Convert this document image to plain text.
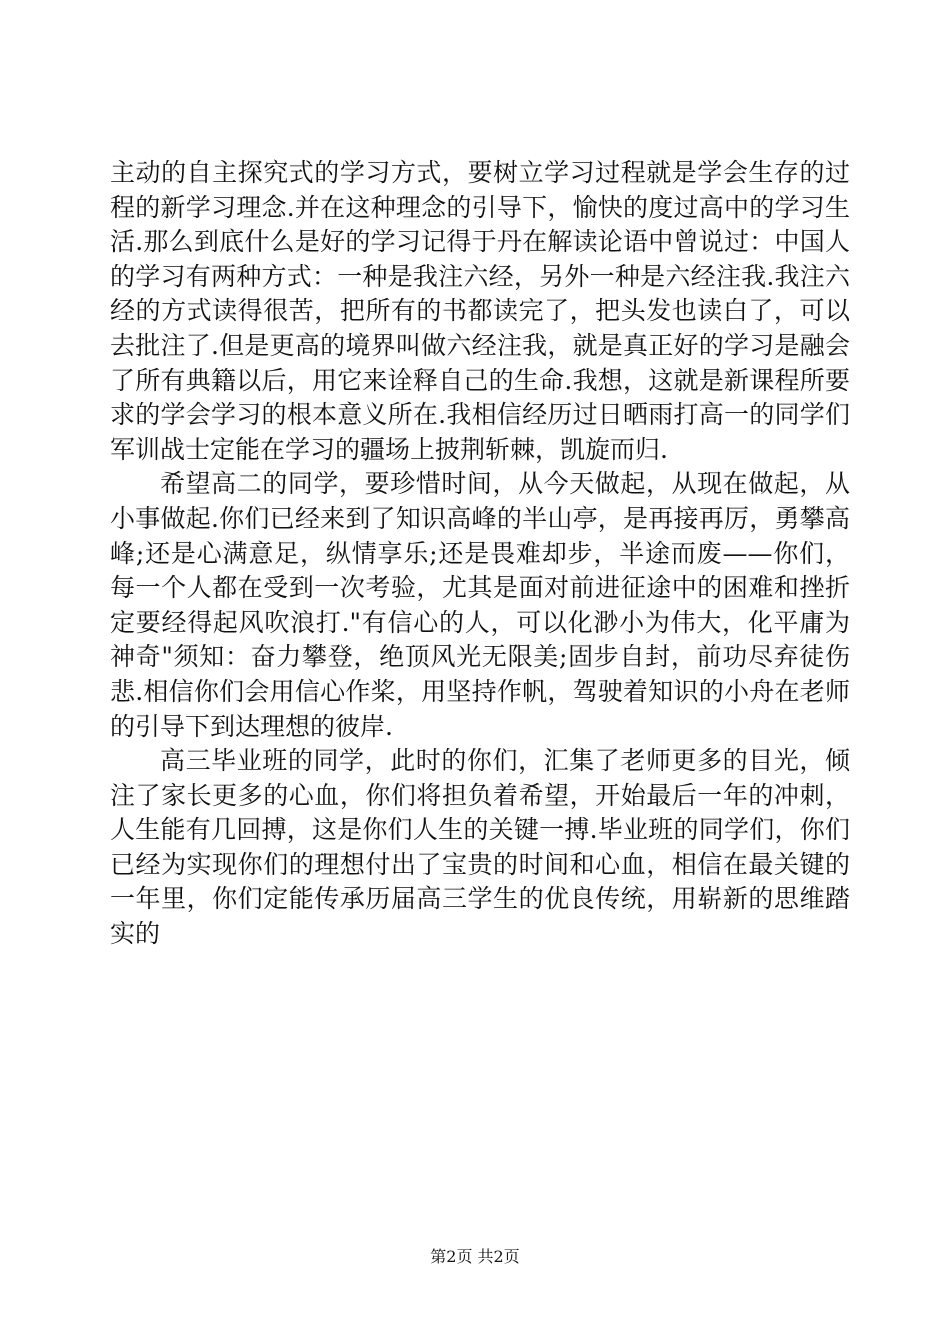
主动的自主探究式的学习方式，要树立学习过程就是学会生存的过程的新学习理念.并在这种理念的引导下，愉快的度过高中的学习生活.那么到底什么是好的学习记得于丹在解读论语中曾说过：中国人的学习有两种方式：一种是我注六经，另外一种是六经注我.我注六经的方式读得很苦，把所有的书都读完了，把头发也读白了，可以去批注了.但是更高的境界叫做六经注我，就是真正好的学习是融会了所有典籍以后，用它来诠释自己的生命.我想，这就是新课程所要求的学会学习的根本意义所在.我相信经历过日晒雨打高一的同学们军训战士定能在学习的疆场上披荆斩棘，凯旋而归.

希望高二的同学，要珍惜时间，从今天做起，从现在做起，从小事做起.你们已经来到了知识高峰的半山亭，是再接再厉，勇攀高峰;还是心满意足，纵情享乐;还是畏难却步，半途而废——你们，每一个人都在受到一次考验，尤其是面对前进征途中的困难和挫折定要经得起风吹浪打."有信心的人，可以化渺小为伟大，化平庸为神奇"须知：奋力攀登，绝顶风光无限美;固步自封，前功尽弃徒伤悲.相信你们会用信心作桨，用坚持作帆，驾驶着知识的小舟在老师的引导下到达理想的彼岸.

高三毕业班的同学，此时的你们，汇集了老师更多的目光，倾注了家长更多的心血，你们将担负着希望，开始最后一年的冲刺，人生能有几回搏，这是你们人生的关键一搏.毕业班的同学们，你们已经为实现你们的理想付出了宝贵的时间和心血，相信在最关键的一年里，你们定能传承历届高三学生的优良传统，用崭新的思维踏实的

第2页 共2页
